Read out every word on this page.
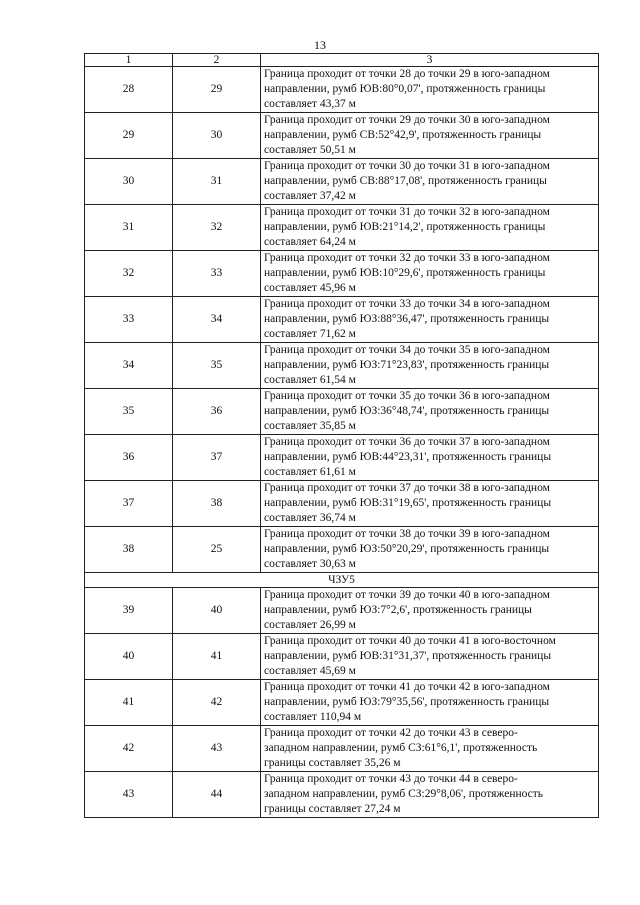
13
1	2	3
28	29	Граница проходит от точки 28 до точки 29 в юго-западном
направлении, румб ЮВ:80°0,07', протяженность границы
составляет 43,37 м
29	30	Граница проходит от точки 29 до точки 30 в юго-западном
направлении, румб СВ:52°42,9', протяженность границы
составляет 50,51 м
30	31	Граница проходит от точки 30 до точки 31 в юго-западном
направлении, румб СВ:88°17,08', протяженность границы
составляет 37,42 м
31	32	Граница проходит от точки 31 до точки 32 в юго-западном
направлении, румб ЮВ:21°14,2', протяженность границы
составляет 64,24 м
32	33	Граница проходит от точки 32 до точки 33 в юго-западном
направлении, румб ЮВ:10°29,6', протяженность границы
составляет 45,96 м
33	34	Граница проходит от точки 33 до точки 34 в юго-западном
направлении, румб ЮЗ:88°36,47', протяженность границы
составляет 71,62 м
34	35	Граница проходит от точки 34 до точки 35 в юго-западном
направлении, румб ЮЗ:71°23,83', протяженность границы
составляет 61,54 м
35	36	Граница проходит от точки 35 до точки 36 в юго-западном
направлении, румб ЮЗ:36°48,74', протяженность границы
составляет 35,85 м
36	37	Граница проходит от точки 36 до точки 37 в юго-западном
направлении, румб ЮВ:44°23,31', протяженность границы
составляет 61,61 м
37	38	Граница проходит от точки 37 до точки 38 в юго-западном
направлении, румб ЮВ:31°19,65', протяженность границы
составляет 36,74 м
38	25	Граница проходит от точки 38 до точки 39 в юго-западном
направлении, румб ЮЗ:50°20,29', протяженность границы
составляет 30,63 м
ЧЗУ5		
39	40	Граница проходит от точки 39 до точки 40 в юго-западном
направлении, румб ЮЗ:7°2,6', протяженность границы
составляет 26,99 м
40	41	Граница проходит от точки 40 до точки 41 в юго-восточном
направлении, румб ЮВ:31°31,37', протяженность границы
составляет 45,69 м
41	42	Граница проходит от точки 41 до точки 42 в юго-западном
направлении, румб ЮЗ:79°35,56', протяженность границы
составляет 110,94 м
42	43	Граница проходит от точки 42 до точки 43 в северо-
западном направлении, румб СЗ:61°6,1', протяженность
границы составляет 35,26 м
43	44	Граница проходит от точки 43 до точки 44 в северо-
западном направлении, румб СЗ:29°8,06', протяженность
границы составляет 27,24 м
